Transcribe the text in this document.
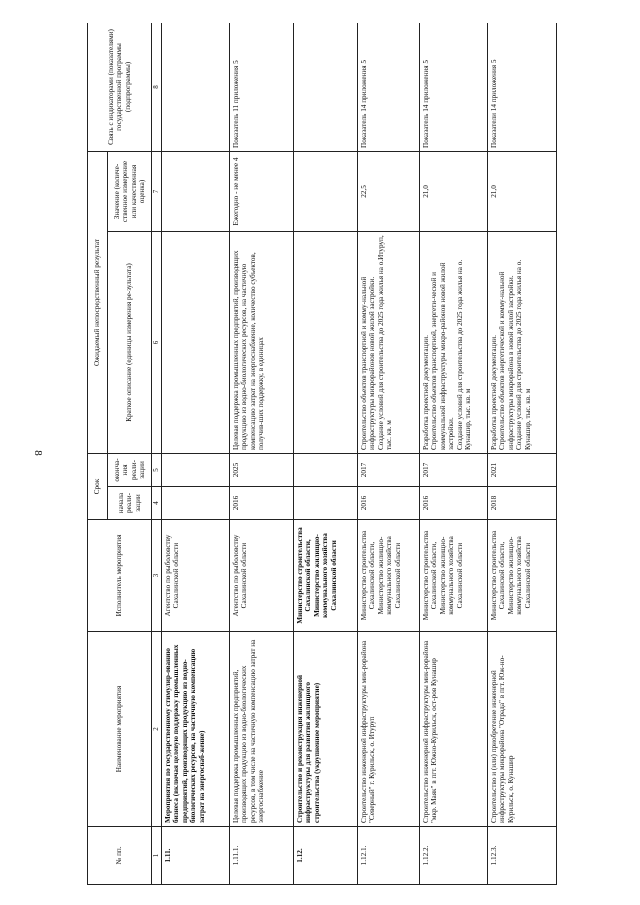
8
№ пп.	Наименование мероприятия	Исполнитель мероприятия	Срок		Ожидаемый непосредственный результат		Связь с индикаторами (показателями) государственной программы (подпрограммы)
			начала реали-зации	оконча-ния реали-зации	Краткое описание (единицы измерения ре-зультата)	Значение (количе-ственное измерение или качественная оценка)	
1	2	3	4	5	6	7	8
1.11.	Мероприятия по государственному стимулир-ованию бизнеса (включая целевую поддержку промышленных предприятий, производящих продукцию из водно-биологических ресурсов, на частичную компенсацию затрат на энергоснаб-жение)	Агентство по рыболовству Сахалинской области					
1.11.1.	Целевая поддержка промышленных предприятий, производящих продукцию из водно-биологических ресурсов, в том числе на частичную компенсацию затрат на энергоснабжение	Агентство по рыболовству Сахалинской области	2016	2025	Целевая поддержка промышленных предприятий, производящих продукцию из водно-биологических ресурсов, на частичную компенсацию затрат на энергоснабжение, количество субъектов, получив-ших поддержку, в единицах	Ежегодно - не менее 4	Показатель 11 приложения 5
1.12.	Строительство и реконструкция инженерной инфраструктуры для развития жилищного строительства (укрупненное мероприятие)	Министерство строительства Сахалинской области, Министерство жилищно-коммунального хозяйства Сахалинской области					
1.12.1.	Строительство инженерной инфраструктуры мик-рорайона "Северный" г. Курильск, о. Итуруп	Министерство строительства Сахалинской области, Министерство жилищно-коммунального хозяйства Сахалинской области	2016	2017	Строительство объектов транспортной и комму-нальной инфраструктуры микрорайонов новой жилой застройки.
Создание условий для строительства до 2025 года жилья на о.Итуруп, тыс. кв. м	22,5	Показатель 14 приложения 5
1.12.2.	Строительство инженерной инфраструктуры мик-рорайона "мкр. Маяк" в пгт. Южно-Курильск, ост-ров Кунашир	Министерство строительства Сахалинской области, Министерство жилищно-коммунального хозяйства Сахалинской области	2016	2017	Разработка проектной документации.
Строительство объектов транспортной, энергети-ческой и коммунальной инфраструктуры микро-районов новой жилой застройки.
Создание условий для строительства до 2025 года жилья на о. Кунашир, тыс. кв. м	21,0	Показатель 14 приложения 5
1.12.3.	Строительство и (или) приобретение инженерной инфраструктуры микрорайона "Отрада" в пгт. Юж-но-Курильск, о. Кунашир	Министерство строительства Сахалинской области, Министерство жилищно-коммунального хозяйства Сахалинской области	2018	2021	Разработка проектной документации.
Строительство объектов энергетической и комму-нальной инфраструктуры микрорайона в новой жилой застройки.
Создание условий для строительства до 2025 года жилья на о. Кунашир, тыс. кв. м	21,0	Показатели 14 приложения 5
